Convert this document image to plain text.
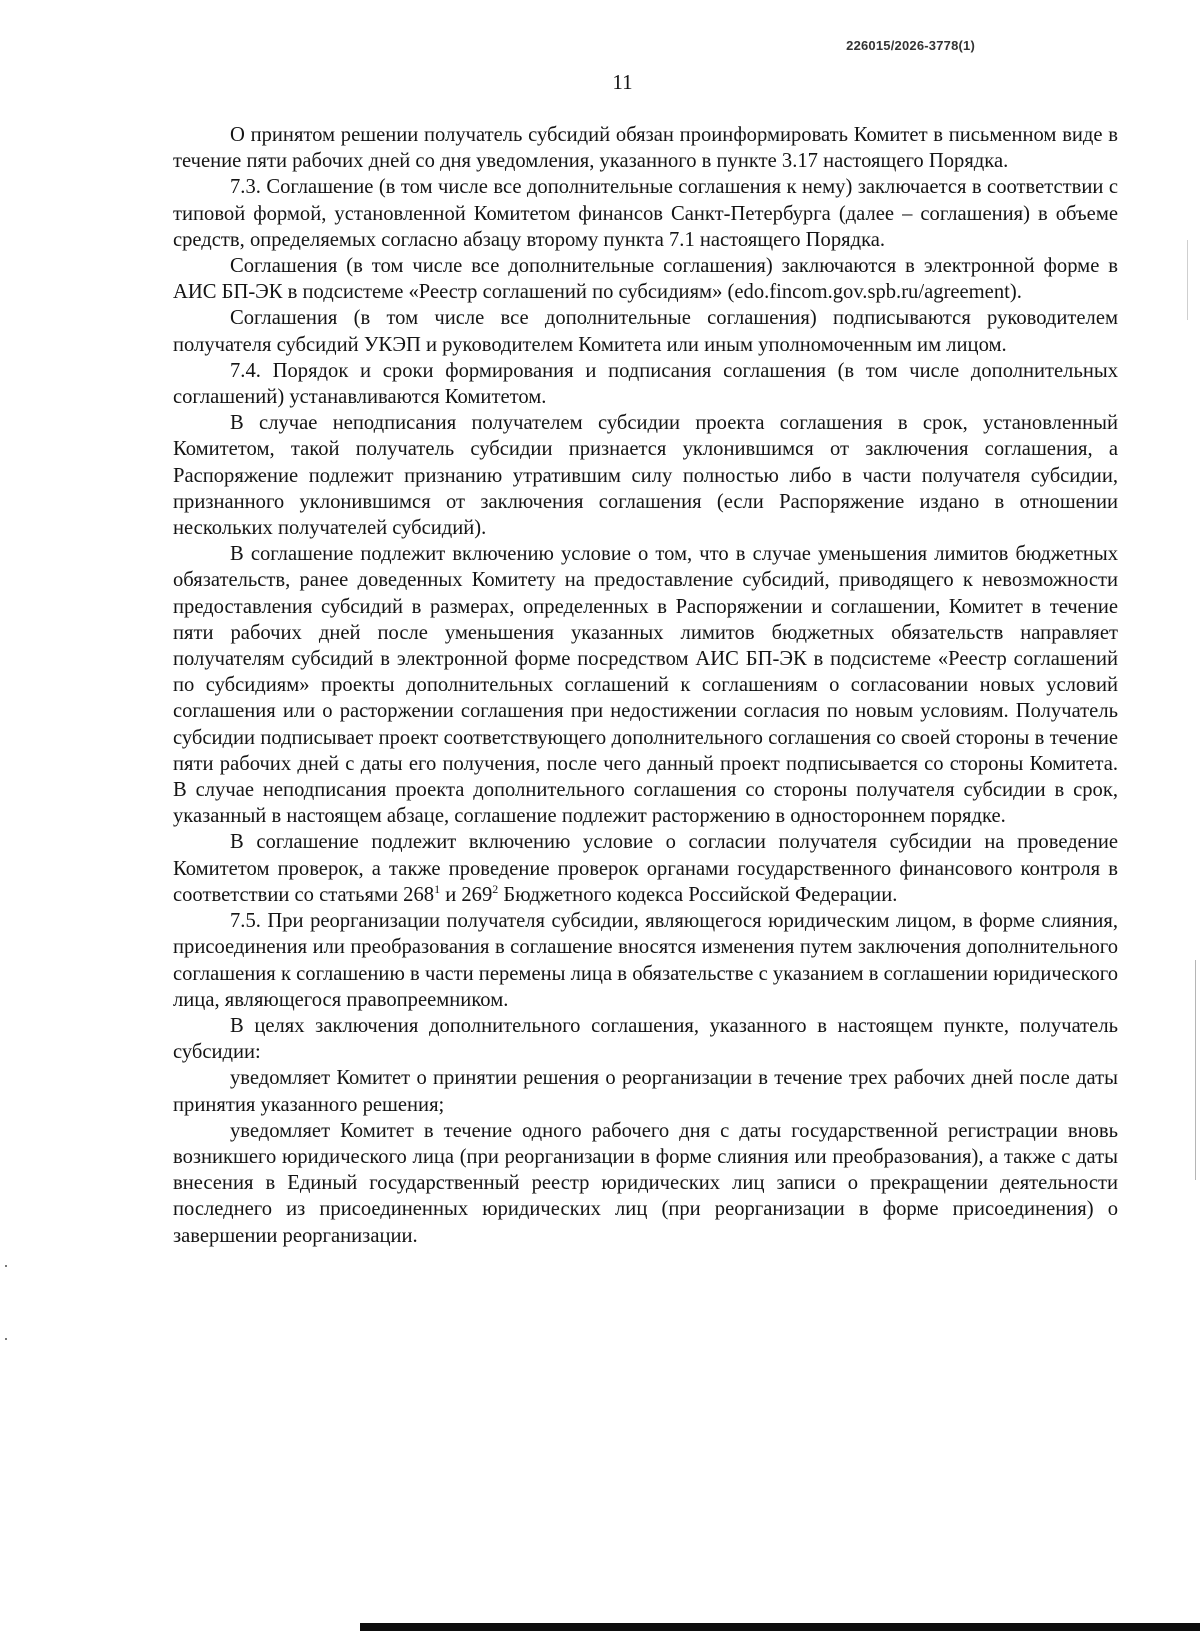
226015/2026-3778(1)
11

О принятом решении получатель субсидий обязан проинформировать Комитет в письменном виде в течение пяти рабочих дней со дня уведомления, указанного в пункте 3.17 настоящего Порядка.

7.3. Соглашение (в том числе все дополнительные соглашения к нему) заключается в соответствии с типовой формой, установленной Комитетом финансов Санкт-Петербурга (далее – соглашения) в объеме средств, определяемых согласно абзацу второму пункта 7.1 настоящего Порядка.

Соглашения (в том числе все дополнительные соглашения) заключаются в электронной форме в АИС БП-ЭК в подсистеме «Реестр соглашений по субсидиям» (edo.fincom.gov.spb.ru/agreement).

Соглашения (в том числе все дополнительные соглашения) подписываются руководителем получателя субсидий УКЭП и руководителем Комитета или иным уполномоченным им лицом.

7.4. Порядок и сроки формирования и подписания соглашения (в том числе дополнительных соглашений) устанавливаются Комитетом.

В случае неподписания получателем субсидии проекта соглашения в срок, установленный Комитетом, такой получатель субсидии признается уклонившимся от заключения соглашения, а Распоряжение подлежит признанию утратившим силу полностью либо в части получателя субсидии, признанного уклонившимся от заключения соглашения (если Распоряжение издано в отношении нескольких получателей субсидий).

В соглашение подлежит включению условие о том, что в случае уменьшения лимитов бюджетных обязательств, ранее доведенных Комитету на предоставление субсидий, приводящего к невозможности предоставления субсидий в размерах, определенных в Распоряжении и соглашении, Комитет в течение пяти рабочих дней после уменьшения указанных лимитов бюджетных обязательств направляет получателям субсидий в электронной форме посредством АИС БП-ЭК в подсистеме «Реестр соглашений по субсидиям» проекты дополнительных соглашений к соглашениям о согласовании новых условий соглашения или о расторжении соглашения при недостижении согласия по новым условиям. Получатель субсидии подписывает проект соответствующего дополнительного соглашения со своей стороны в течение пяти рабочих дней с даты его получения, после чего данный проект подписывается со стороны Комитета. В случае неподписания проекта дополнительного соглашения со стороны получателя субсидии в срок, указанный в настоящем абзаце, соглашение подлежит расторжению в одностороннем порядке.

В соглашение подлежит включению условие о согласии получателя субсидии на проведение Комитетом проверок, а также проведение проверок органами государственного финансового контроля в соответствии со статьями $268^1$ и $269^2$ Бюджетного кодекса Российской Федерации.

7.5. При реорганизации получателя субсидии, являющегося юридическим лицом, в форме слияния, присоединения или преобразования в соглашение вносятся изменения путем заключения дополнительного соглашения к соглашению в части перемены лица в обязательстве с указанием в соглашении юридического лица, являющегося правопреемником.

В целях заключения дополнительного соглашения, указанного в настоящем пункте, получатель субсидии:

уведомляет Комитет о принятии решения о реорганизации в течение трех рабочих дней после даты принятия указанного решения;

уведомляет Комитет в течение одного рабочего дня с даты государственной регистрации вновь возникшего юридического лица (при реорганизации в форме слияния или преобразования), а также с даты внесения в Единый государственный реестр юридических лиц записи о прекращении деятельности последнего из присоединенных юридических лиц (при реорганизации в форме присоединения) о завершении реорганизации.
